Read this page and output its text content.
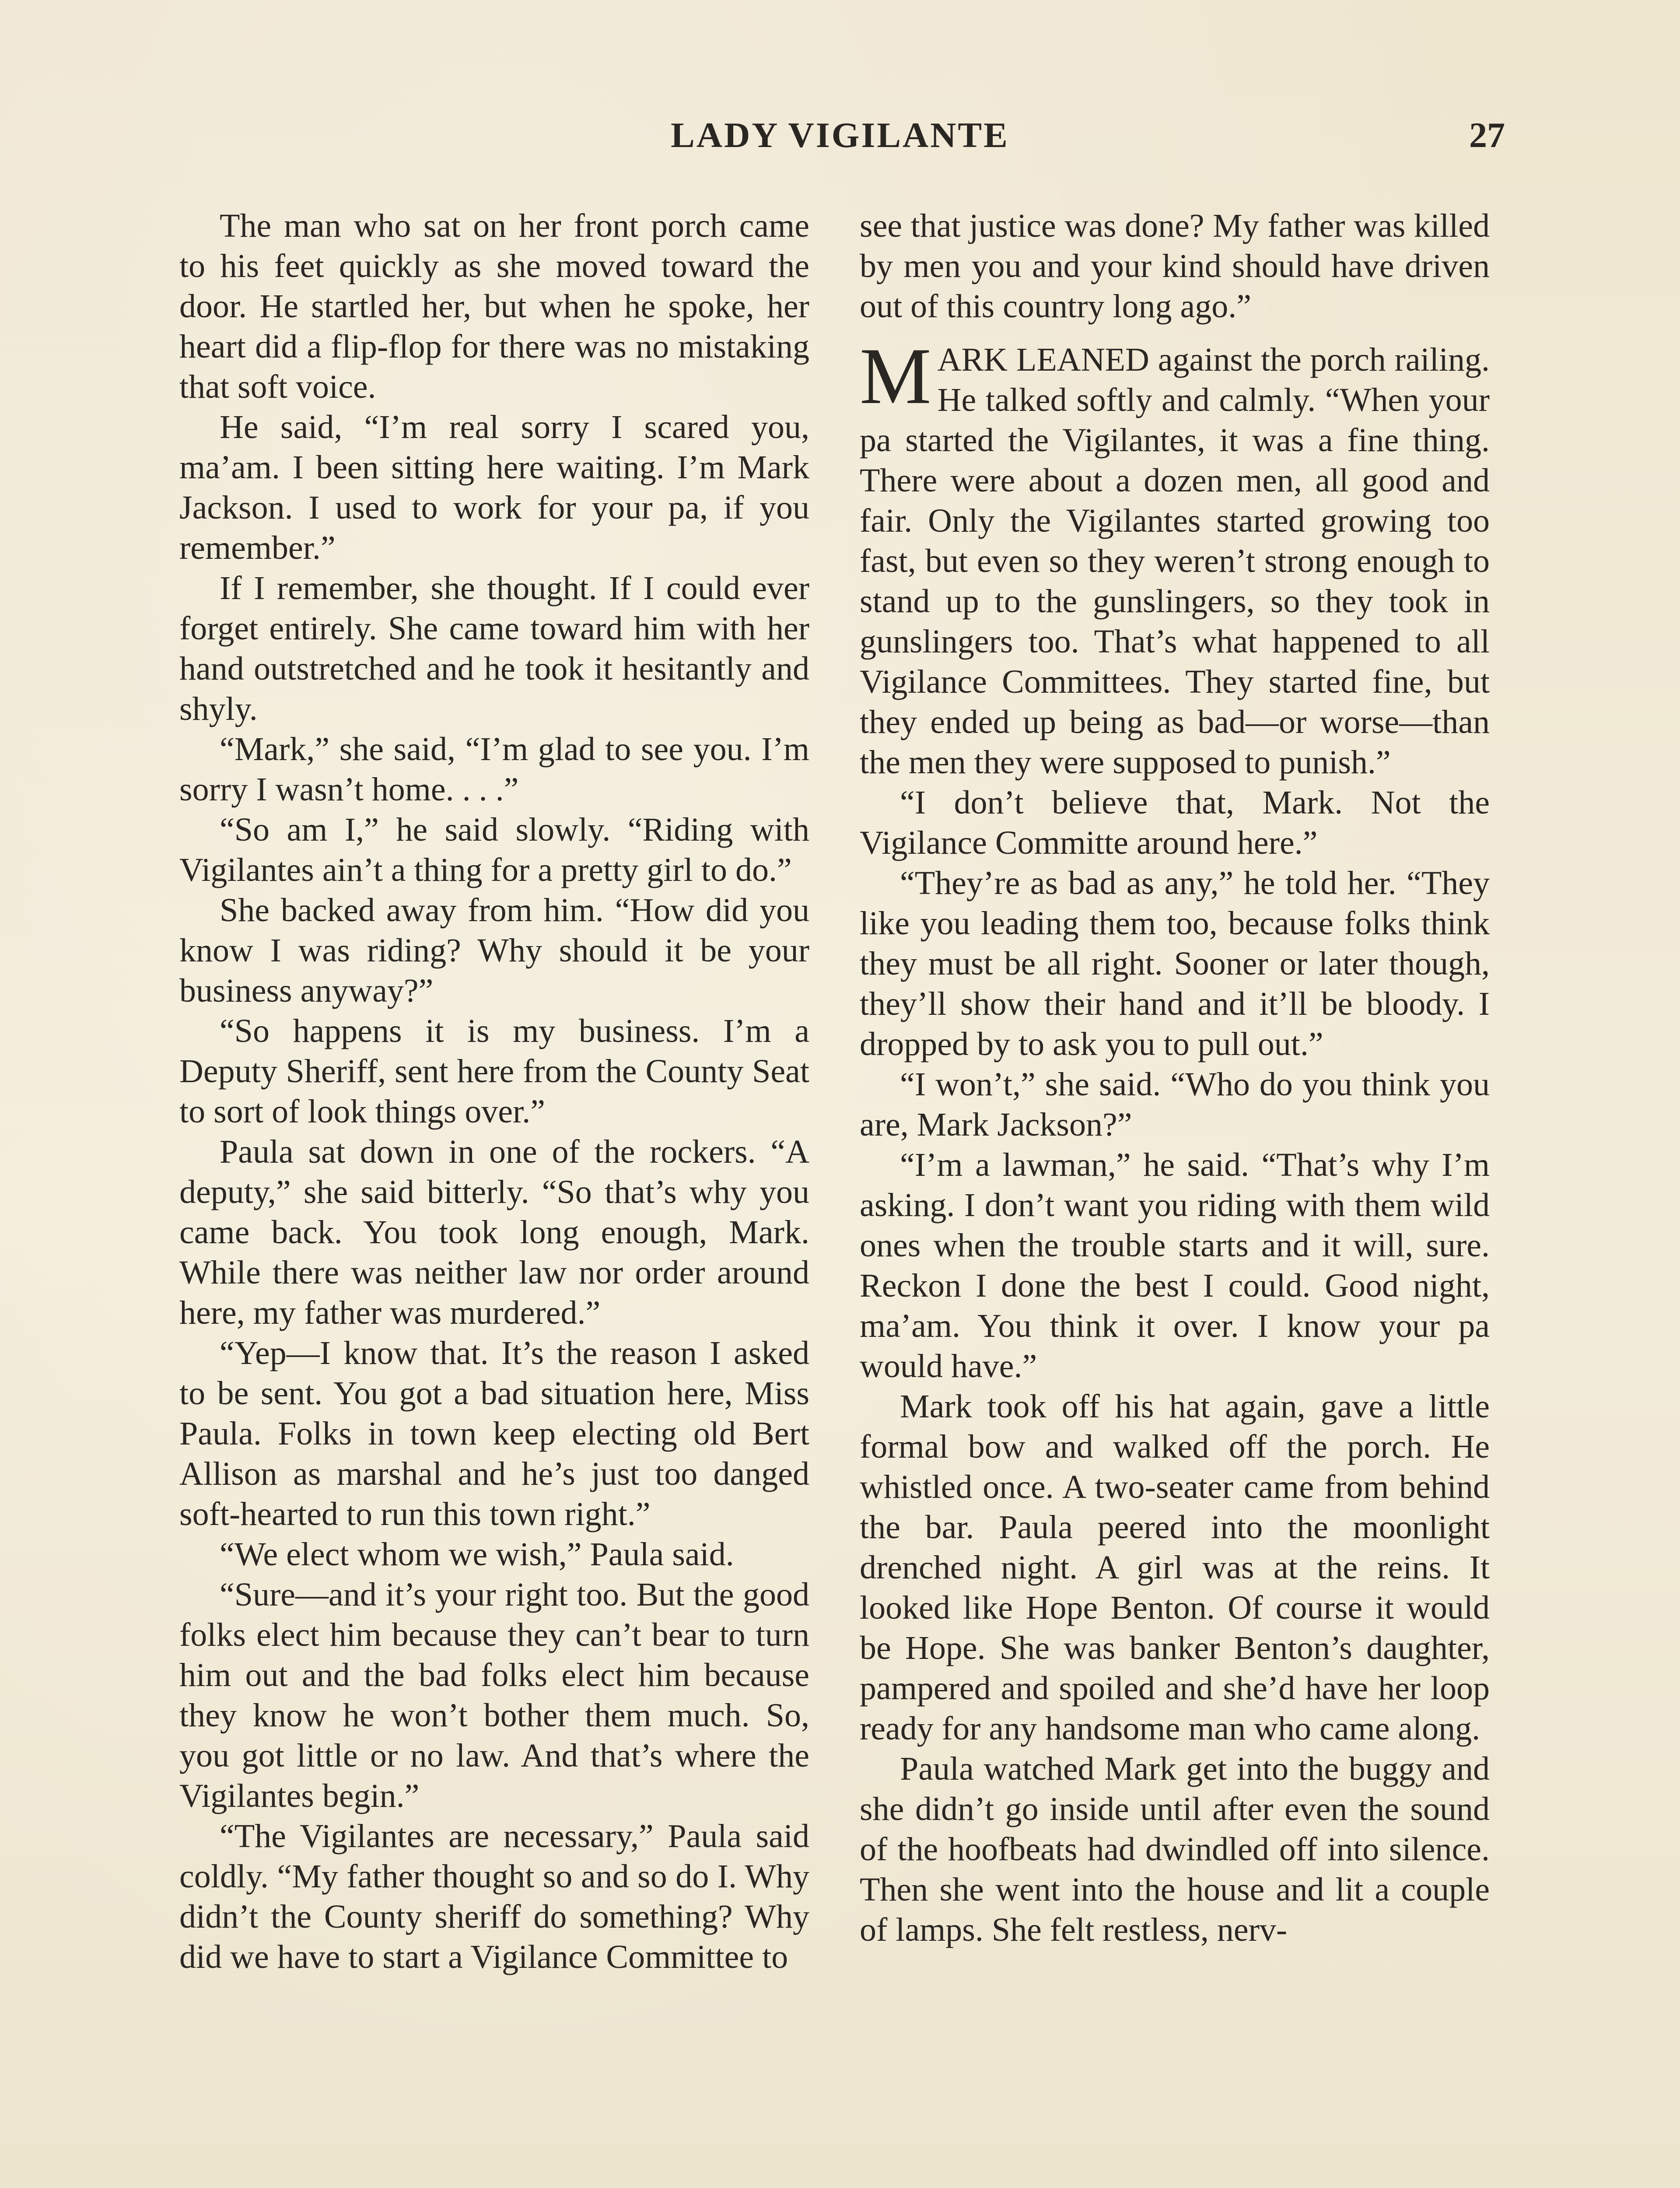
LADY VIGILANTE	27

The man who sat on her front porch came to his feet quickly as she moved toward the door. He startled her, but when he spoke, her heart did a flip-flop for there was no mistaking that soft voice.

He said, “I’m real sorry I scared you, ma’am. I been sitting here waiting. I’m Mark Jackson. I used to work for your pa, if you remember.”

If I remember, she thought. If I could ever forget entirely. She came toward him with her hand outstretched and he took it hesitantly and shyly.

“Mark,” she said, “I’m glad to see you. I’m sorry I wasn’t home. . . .”

“So am I,” he said slowly. “Riding with Vigilantes ain’t a thing for a pretty girl to do.”

She backed away from him. “How did you know I was riding? Why should it be your business anyway?”

“So happens it is my business. I’m a Deputy Sheriff, sent here from the County Seat to sort of look things over.”

Paula sat down in one of the rockers. “A deputy,” she said bitterly. “So that’s why you came back. You took long enough, Mark. While there was neither law nor order around here, my father was murdered.”

“Yep—I know that. It’s the reason I asked to be sent. You got a bad situation here, Miss Paula. Folks in town keep electing old Bert Allison as marshal and he’s just too danged soft-hearted to run this town right.”

“We elect whom we wish,” Paula said.

“Sure—and it’s your right too. But the good folks elect him because they can’t bear to turn him out and the bad folks elect him because they know he won’t bother them much. So, you got little or no law. And that’s where the Vigilantes begin.”

“The Vigilantes are necessary,” Paula said coldly. “My father thought so and so do I. Why didn’t the County sheriff do something? Why did we have to start a Vigilance Committee to

see that justice was done? My father was killed by men you and your kind should have driven out of this country long ago.”

MARK LEANED against the porch railing. He talked softly and calmly. “When your pa started the Vigilantes, it was a fine thing. There were about a dozen men, all good and fair. Only the Vigilantes started growing too fast, but even so they weren’t strong enough to stand up to the gunslingers, so they took in gunslingers too. That’s what happened to all Vigilance Committees. They started fine, but they ended up being as bad—or worse—than the men they were supposed to punish.”

“I don’t believe that, Mark. Not the Vigilance Committe around here.”

“They’re as bad as any,” he told her. “They like you leading them too, because folks think they must be all right. Sooner or later though, they’ll show their hand and it’ll be bloody. I dropped by to ask you to pull out.”

“I won’t,” she said. “Who do you think you are, Mark Jackson?”

“I’m a lawman,” he said. “That’s why I’m asking. I don’t want you riding with them wild ones when the trouble starts and it will, sure. Reckon I done the best I could. Good night, ma’am. You think it over. I know your pa would have.”

Mark took off his hat again, gave a little formal bow and walked off the porch. He whistled once. A two-seater came from behind the bar. Paula peered into the moonlight drenched night. A girl was at the reins. It looked like Hope Benton. Of course it would be Hope. She was banker Benton’s daughter, pampered and spoiled and she’d have her loop ready for any handsome man who came along.

Paula watched Mark get into the buggy and she didn’t go inside until after even the sound of the hoofbeats had dwindled off into silence. Then she went into the house and lit a couple of lamps. She felt restless, nerv-
